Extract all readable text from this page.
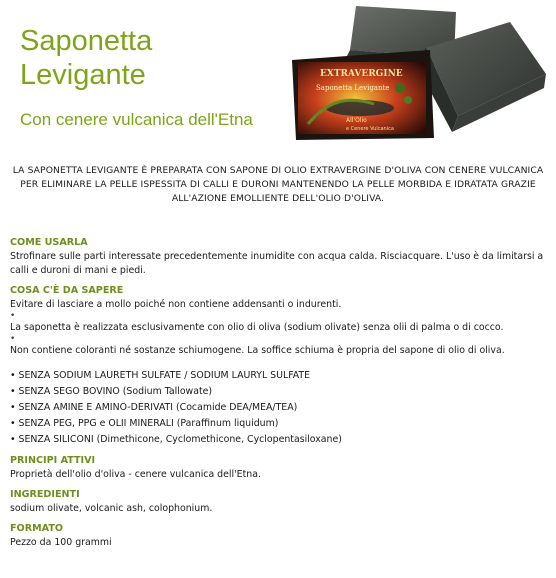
Saponetta
Levigante

Con cenere vulcanica dell'Etna

EXTRAVERGINE
Saponetta Levigante
All'Olio
e Cenere Vulcanica

LA SAPONETTA LEVIGANTE È PREPARATA CON SAPONE DI OLIO EXTRAVERGINE D'OLIVA CON CENERE VULCANICA PER ELIMINARE LA PELLE ISPESSITA DI CALLI E DURONI MANTENENDO LA PELLE MORBIDA E IDRATATA GRAZIE ALL'AZIONE EMOLLIENTE DELL'OLIO D'OLIVA.

COME USARLA

Strofinare sulle parti interessate precedentemente inumidite con acqua calda. Risciacquare. L'uso è da limitarsi a calli e duroni di mani e piedi.

COSA C'È DA SAPERE

Evitare di lasciare a mollo poiché non contiene addensanti o indurenti.

•

La saponetta è realizzata esclusivamente con olio di oliva (sodium olivate) senza olii di palma o di cocco.

•

Non contiene coloranti né sostanze schiumogene. La soffice schiuma è propria del sapone di olio di oliva.

• SENZA SODIUM LAURETH SULFATE / SODIUM LAURYL SULFATE
• SENZA SEGO BOVINO (Sodium Tallowate)
• SENZA AMINE E AMINO-DERIVATI (Cocamide DEA/MEA/TEA)
• SENZA PEG, PPG e OLII MINERALI (Paraffinum liquidum)
• SENZA SILICONI (Dimethicone, Cyclomethicone, Cyclopentasiloxane)
PRINCIPI ATTIVI

Proprietà dell'olio d'oliva - cenere vulcanica dell'Etna.

INGREDIENTI

sodium olivate, volcanic ash, colophonium.

FORMATO

Pezzo da 100 grammi
